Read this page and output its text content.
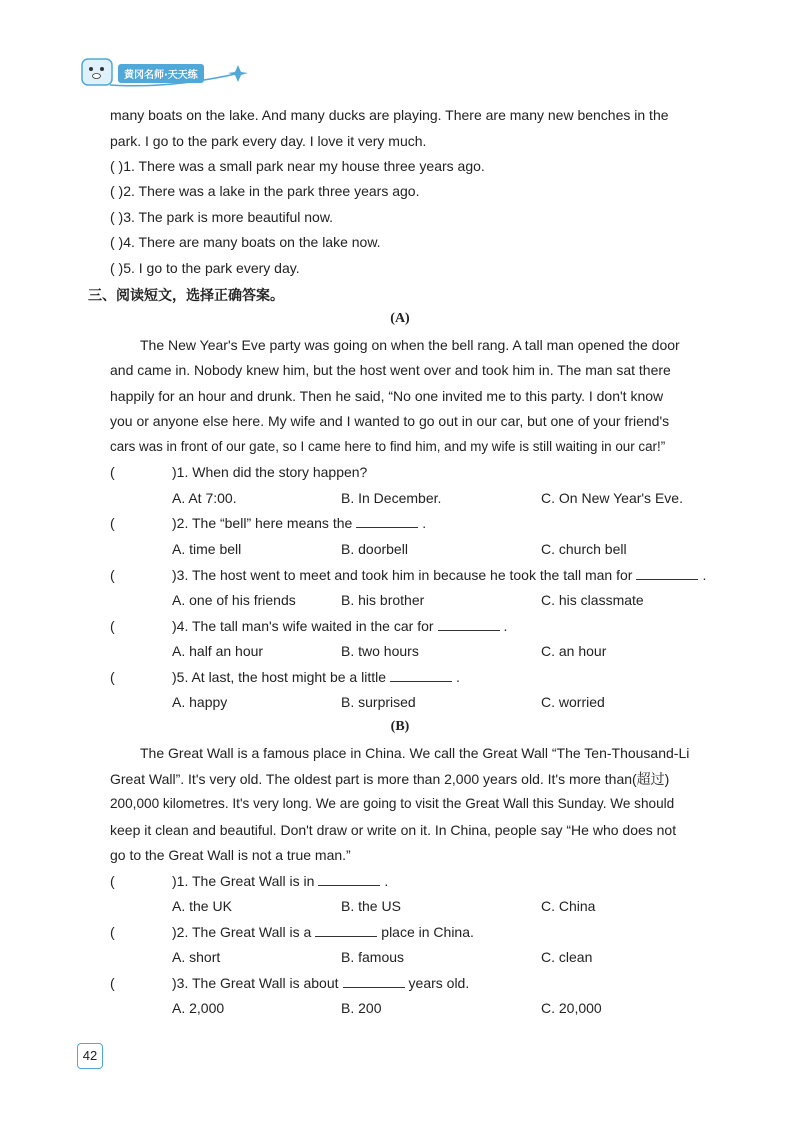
黄冈名师·天天练
many boats on the lake. And many ducks are playing. There are many new benches in the
park. I go to the park every day. I love it very much.
( )1. There was a small park near my house three years ago.
( )2. There was a lake in the park three years ago.
( )3. The park is more beautiful now.
( )4. There are many boats on the lake now.
( )5. I go to the park every day.
三、阅读短文，选择正确答案。
(A)
The New Year's Eve party was going on when the bell rang. A tall man opened the door
and came in. Nobody knew him, but the host went over and took him in. The man sat there
happily for an hour and drunk. Then he said, “No one invited me to this party. I don't know
you or anyone else here. My wife and I wanted to go out in our car, but one of your friend's
cars was in front of our gate, so I came here to find him, and my wife is still waiting in our car!”
(	)1. When did the story happen?
A. At 7:00.	B. In December.	C. On New Year's Eve.
(	)2. The “bell” here means the	.
A. time bell	B. doorbell	C. church bell
(	)3. The host went to meet and took him in because he took the tall man for	.
A. one of his friends	B. his brother	C. his classmate
(	)4. The tall man's wife waited in the car for	.
A. half an hour	B. two hours	C. an hour
(	)5. At last, the host might be a little	.
A. happy	B. surprised	C. worried
(B)
The Great Wall is a famous place in China. We call the Great Wall “The Ten-Thousand-Li
Great Wall”. It's very old. The oldest part is more than 2,000 years old. It's more than(超过)
200,000 kilometres. It's very long. We are going to visit the Great Wall this Sunday. We should
keep it clean and beautiful. Don't draw or write on it. In China, people say “He who does not
go to the Great Wall is not a true man.”
(	)1. The Great Wall is in	.
A. the UK	B. the US	C. China
(	)2. The Great Wall is a	place in China.
A. short	B. famous	C. clean
(	)3. The Great Wall is about	years old.
A. 2,000	B. 200	C. 20,000
42
